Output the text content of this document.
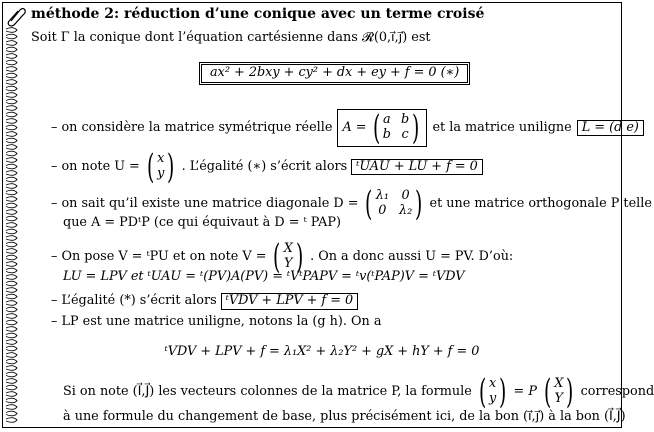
méthode 2: réduction d’une conique avec un terme croisé
Soit Γ la conique dont l’équation cartésienne dans 𝓡(0,i⃗,j⃗) est
ax² + 2bxy + cy² + dx + ey + f = 0 (∗)
– on considère la matrice symétrique réelle A = ( a b
b c ) et la matrice uniligne L = (d e)
– on note U = ( x
y ) . L’égalité (∗) s’écrit alors ᵗUAU + LU + f = 0
– on sait qu’il existe une matrice diagonale D = ( λ₁ 0
0 λ₂ ) et une matrice orthogonale P telle
que A = PDᵗP (ce qui équivaut à D = ᵗ PAP)
– On pose V = ᵗPU et on note V = ( X
Y ) . On a donc aussi U = PV. D’où:
LU = LPV et ᵗUAU = ᵗ(PV)A(PV) = ᵗVᵗPAPV = ᵗv(ᵗPAP)V = ᵗVDV
– L’égalité (*) s’écrit alors ᵗVDV + LPV + f = 0
– LP est une matrice uniligne, notons la (g h). On a
ᵗVDV + LPV + f = λ₁X² + λ₂Y² + gX + hY + f = 0
Si on note (I⃗,J⃗) les vecteurs colonnes de la matrice P, la formule ( x
y ) = P ( X
Y ) correspond
à une formule du changement de base, plus précisément ici, de la bon (i⃗,j⃗) à la bon (I⃗,J⃗)
